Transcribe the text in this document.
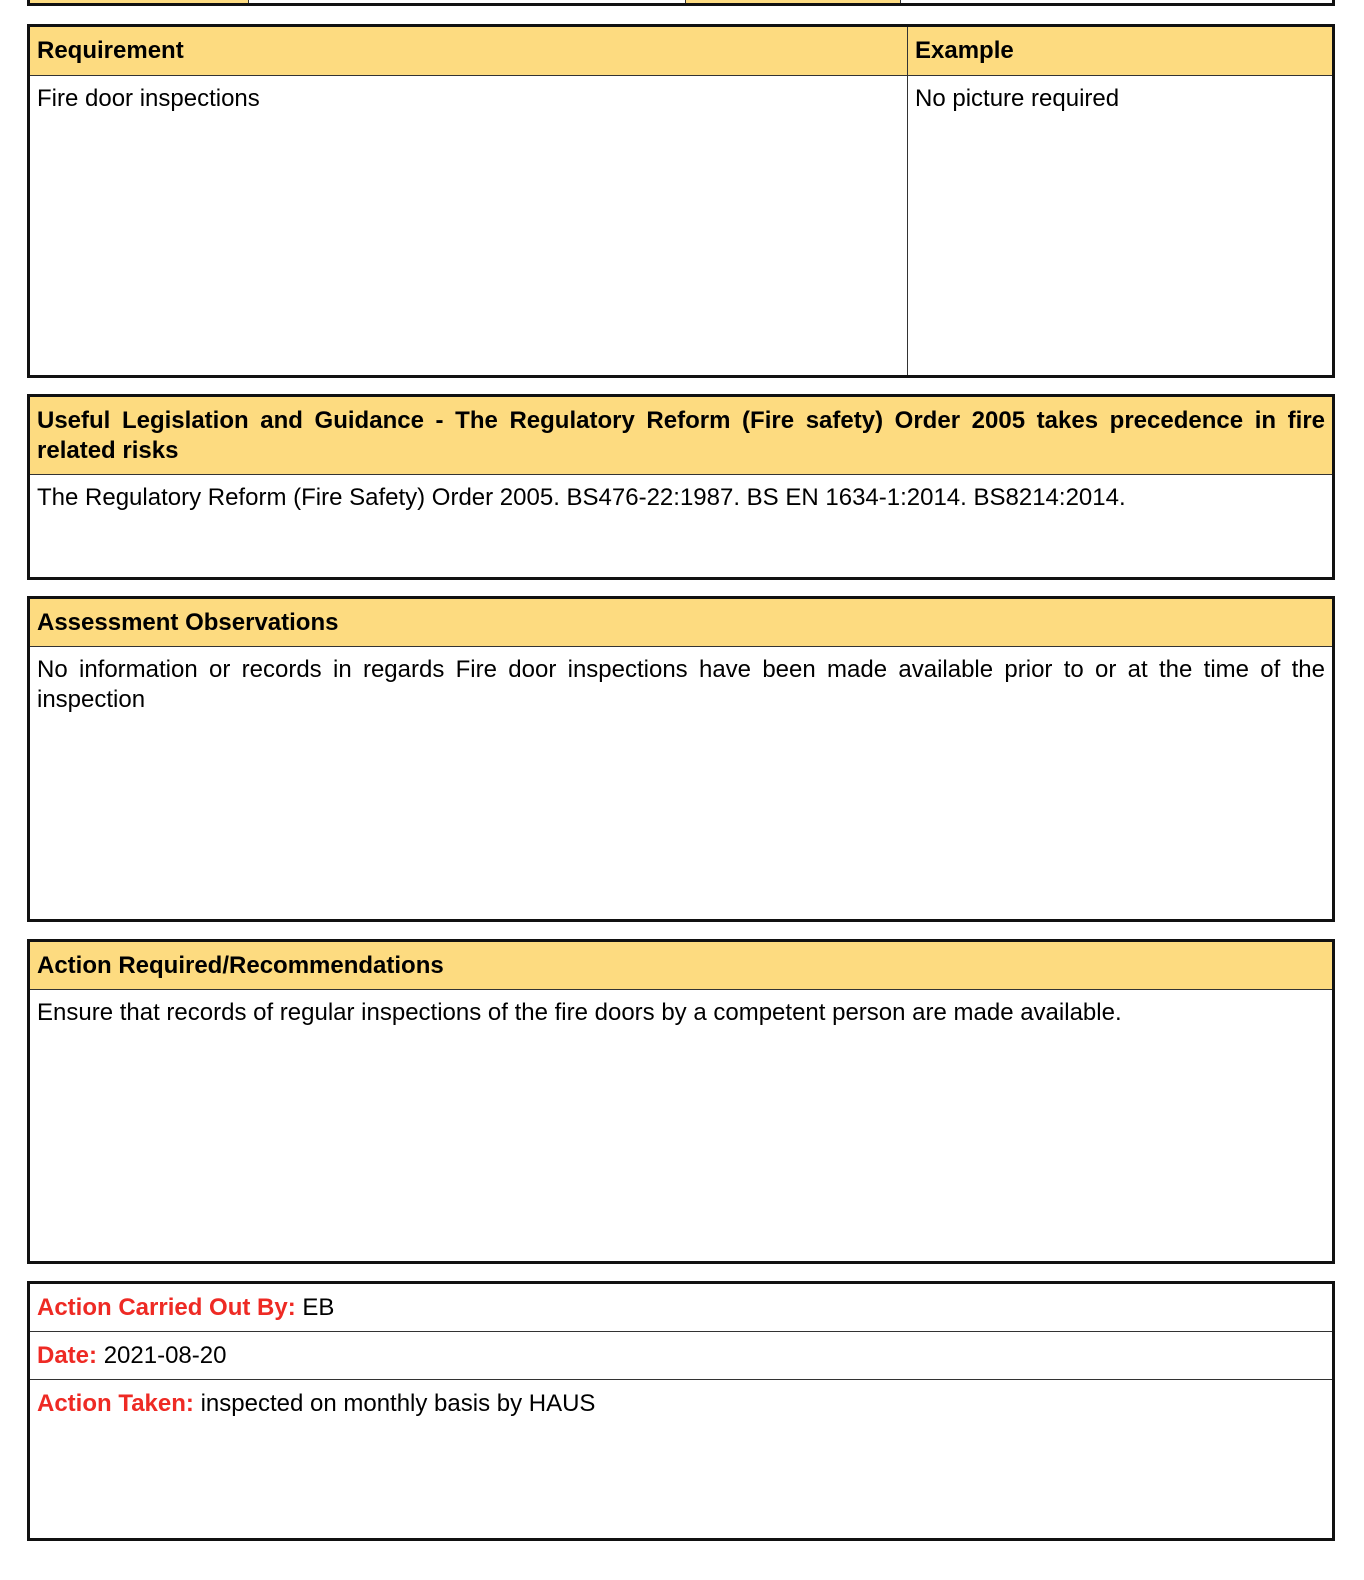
Requirement	Example
Fire door inspections	No picture required
Useful Legislation and Guidance - The Regulatory Reform (Fire safety) Order 2005 takes precedence in fire related risks
The Regulatory Reform (Fire Safety) Order 2005. BS476-22:1987. BS EN 1634-1:2014. BS8214:2014.
Assessment Observations
No information or records in regards Fire door inspections have been made available prior to or at the time of the inspection
Action Required/Recommendations
Ensure that records of regular inspections of the fire doors by a competent person are made available.
Action Carried Out By: EB
Date: 2021-08-20
Action Taken: inspected on monthly basis by HAUS
